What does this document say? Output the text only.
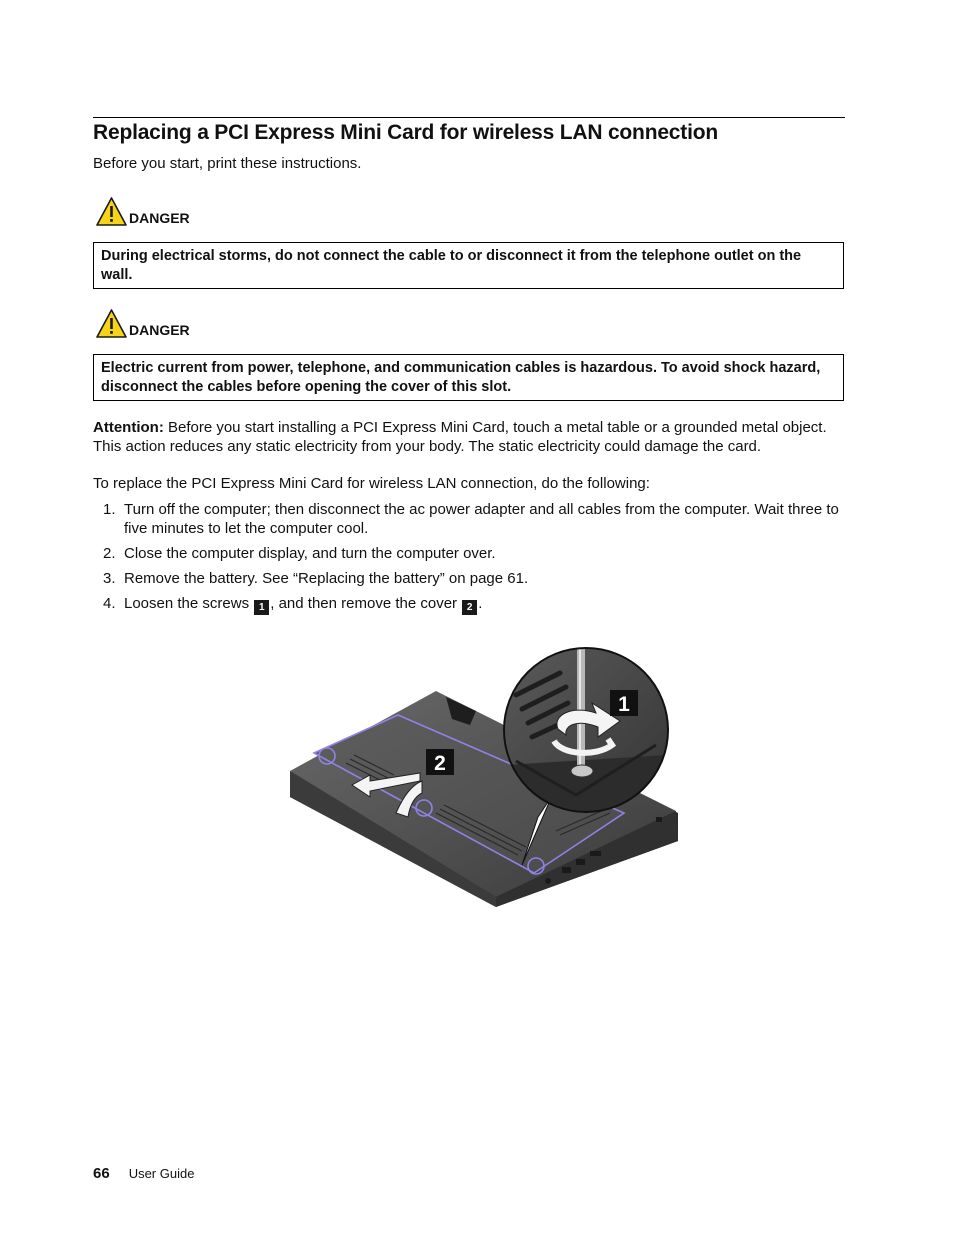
Replacing a PCI Express Mini Card for wireless LAN connection

Before you start, print these instructions.

DANGER
During electrical storms, do not connect the cable to or disconnect it from the telephone outlet on the wall.
DANGER
Electric current from power, telephone, and communication cables is hazardous. To avoid shock hazard, disconnect the cables before opening the cover of this slot.

Attention: Before you start installing a PCI Express Mini Card, touch a metal table or a grounded metal object. This action reduces any static electricity from your body. The static electricity could damage the card.

To replace the PCI Express Mini Card for wireless LAN connection, do the following:

1. Turn off the computer; then disconnect the ac power adapter and all cables from the computer. Wait three to five minutes to let the computer cool.
2. Close the computer display, and turn the computer over.
3. Remove the battery. See “Replacing the battery” on page 61.
4. Loosen the screws 1 , and then remove the cover 2 .
2
1
66 User Guide
